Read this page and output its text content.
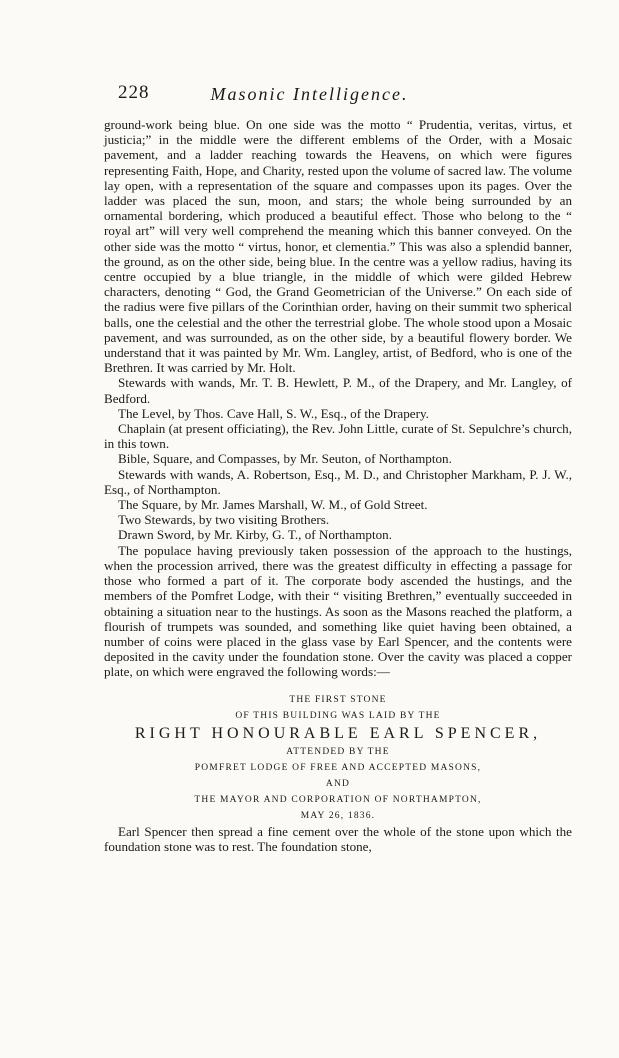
228	Masonic Intelligence.

ground-work being blue. On one side was the motto “ Prudentia, veritas, virtus, et justicia;” in the middle were the different emblems of the Order, with a Mosaic pavement, and a ladder reaching towards the Heavens, on which were figures representing Faith, Hope, and Charity, rested upon the volume of sacred law. The volume lay open, with a representation of the square and compasses upon its pages. Over the ladder was placed the sun, moon, and stars; the whole being surrounded by an ornamental bordering, which produced a beautiful effect. Those who belong to the “ royal art” will very well comprehend the meaning which this banner conveyed. On the other side was the motto “ virtus, honor, et clementia.” This was also a splendid banner, the ground, as on the other side, being blue. In the centre was a yellow radius, having its centre occupied by a blue triangle, in the middle of which were gilded Hebrew characters, denoting “ God, the Grand Geometrician of the Universe.” On each side of the radius were five pillars of the Corinthian order, having on their summit two spherical balls, one the celestial and the other the terrestrial globe. The whole stood upon a Mosaic pavement, and was surrounded, as on the other side, by a beautiful flowery border. We understand that it was painted by Mr. Wm. Langley, artist, of Bedford, who is one of the Brethren. It was carried by Mr. Holt.

Stewards with wands, Mr. T. B. Hewlett, P. M., of the Drapery, and Mr. Langley, of Bedford.

The Level, by Thos. Cave Hall, S. W., Esq., of the Drapery.

Chaplain (at present officiating), the Rev. John Little, curate of St. Sepulchre’s church, in this town.

Bible, Square, and Compasses, by Mr. Seuton, of Northampton.

Stewards with wands, A. Robertson, Esq., M. D., and Christopher Markham, P. J. W., Esq., of Northampton.

The Square, by Mr. James Marshall, W. M., of Gold Street.

Two Stewards, by two visiting Brothers.

Drawn Sword, by Mr. Kirby, G. T., of Northampton.

The populace having previously taken possession of the approach to the hustings, when the procession arrived, there was the greatest difficulty in effecting a passage for those who formed a part of it. The corporate body ascended the hustings, and the members of the Pomfret Lodge, with their “ visiting Brethren,” eventually succeeded in obtaining a situation near to the hustings. As soon as the Masons reached the platform, a flourish of trumpets was sounded, and something like quiet having been obtained, a number of coins were placed in the glass vase by Earl Spencer, and the contents were deposited in the cavity under the foundation stone. Over the cavity was placed a copper plate, on which were engraved the following words:—

THE FIRST STONE
OF THIS BUILDING WAS LAID BY THE
RIGHT HONOURABLE EARL SPENCER,
ATTENDED BY THE
POMFRET LODGE OF FREE AND ACCEPTED MASONS,
AND
THE MAYOR AND CORPORATION OF NORTHAMPTON,
MAY 26, 1836.

Earl Spencer then spread a fine cement over the whole of the stone upon which the foundation stone was to rest. The foundation stone,
